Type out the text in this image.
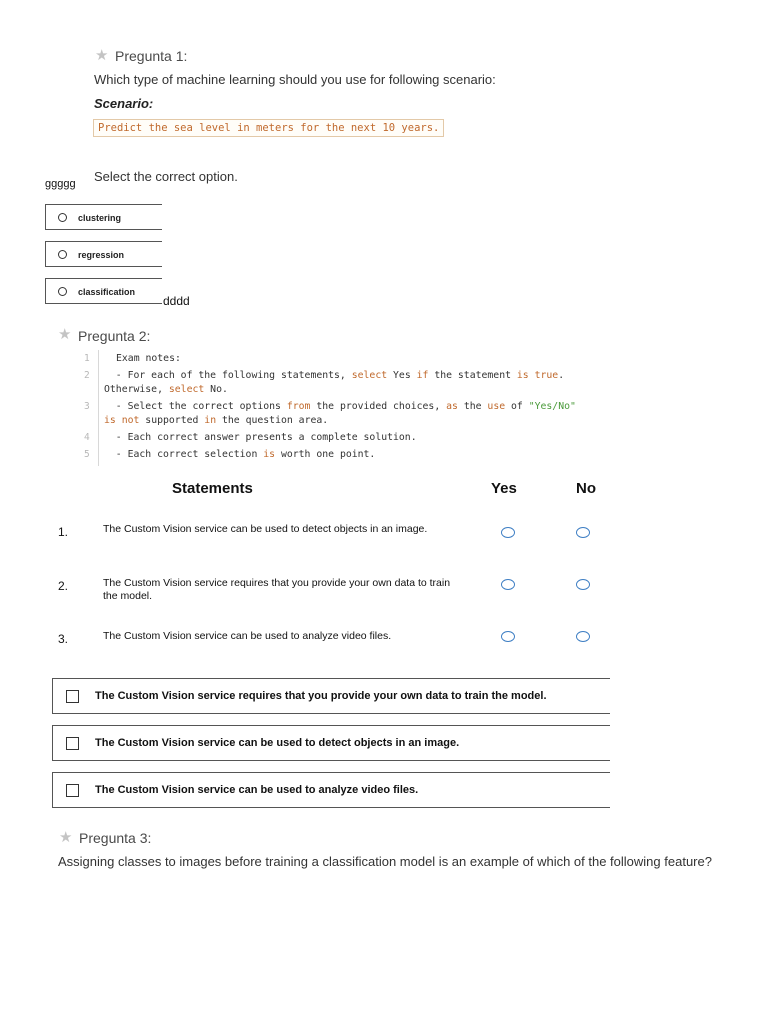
★ Pregunta 1:
Which type of machine learning should you use for following scenario:
Scenario:
Predict the sea level in meters for the next 10 years.
Select the correct option.
ggggg
clustering
regression
classification
dddd
★ Pregunta 2:
1	Exam notes:
2 - For each of the following statements, select Yes if the statement is true.
Otherwise, select No.
3 - Select the correct options from the provided choices, as the use of "Yes/No"
is not supported in the question area.
4 - Each correct answer presents a complete solution.
5 - Each correct selection is worth one point.
Statements	Yes	No
1.	The Custom Vision service can be used to detect objects in an image.
2.	The Custom Vision service requires that you provide your own data to train the model.
3.	The Custom Vision service can be used to analyze video files.
The Custom Vision service requires that you provide your own data to train the model.
The Custom Vision service can be used to detect objects in an image.
The Custom Vision service can be used to analyze video files.
★ Pregunta 3:
Assigning classes to images before training a classification model is an example of which of the following feature?
